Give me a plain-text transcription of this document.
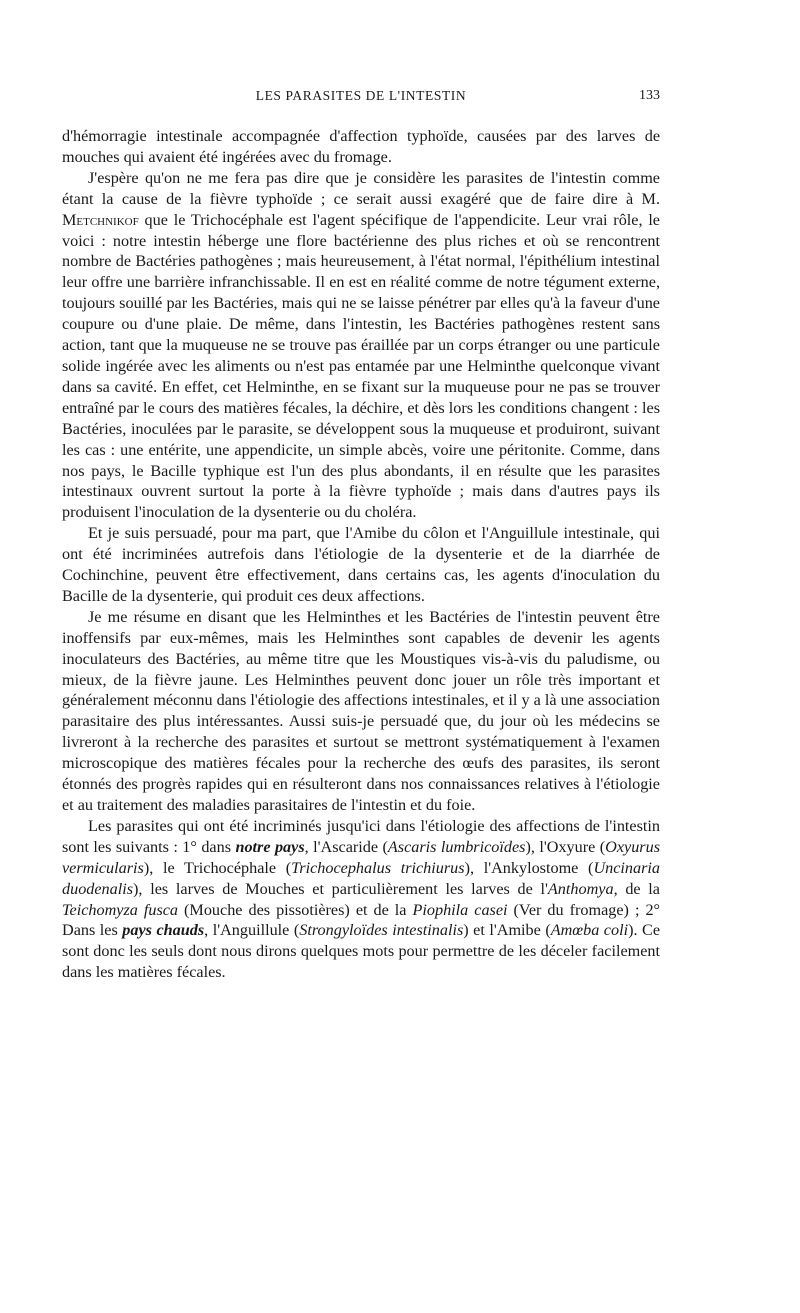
LES PARASITES DE L'INTESTIN	133

d'hémorragie intestinale accompagnée d'affection typhoïde, causées par des larves de mouches qui avaient été ingérées avec du fromage.

J'espère qu'on ne me fera pas dire que je considère les parasites de l'intestin comme étant la cause de la fièvre typhoïde ; ce serait aussi exagéré que de faire dire à M. Metchnikof que le Trichocéphale est l'agent spécifique de l'appendicite. Leur vrai rôle, le voici : notre intestin héberge une flore bactérienne des plus riches et où se rencontrent nombre de Bactéries pathogènes ; mais heureusement, à l'état normal, l'épithélium intestinal leur offre une barrière infranchissable. Il en est en réalité comme de notre tégument externe, toujours souillé par les Bactéries, mais qui ne se laisse pénétrer par elles qu'à la faveur d'une coupure ou d'une plaie. De même, dans l'intestin, les Bactéries pathogènes restent sans action, tant que la muqueuse ne se trouve pas éraillée par un corps étranger ou une particule solide ingérée avec les aliments ou n'est pas entamée par une Helminthe quelconque vivant dans sa cavité. En effet, cet Helminthe, en se fixant sur la muqueuse pour ne pas se trouver entraîné par le cours des matières fécales, la déchire, et dès lors les conditions changent : les Bactéries, inoculées par le parasite, se développent sous la muqueuse et produiront, suivant les cas : une entérite, une appendicite, un simple abcès, voire une péritonite. Comme, dans nos pays, le Bacille typhique est l'un des plus abondants, il en résulte que les parasites intestinaux ouvrent surtout la porte à la fièvre typhoïde ; mais dans d'autres pays ils produisent l'inoculation de la dysenterie ou du choléra.

Et je suis persuadé, pour ma part, que l'Amibe du côlon et l'Anguillule intestinale, qui ont été incriminées autrefois dans l'étiologie de la dysenterie et de la diarrhée de Cochinchine, peuvent être effectivement, dans certains cas, les agents d'inoculation du Bacille de la dysenterie, qui produit ces deux affections.

Je me résume en disant que les Helminthes et les Bactéries de l'intestin peuvent être inoffensifs par eux-mêmes, mais les Helminthes sont capables de devenir les agents inoculateurs des Bactéries, au même titre que les Moustiques vis-à-vis du paludisme, ou mieux, de la fièvre jaune. Les Helminthes peuvent donc jouer un rôle très important et généralement méconnu dans l'étiologie des affections intestinales, et il y a là une association parasitaire des plus intéressantes. Aussi suis-je persuadé que, du jour où les médecins se livreront à la recherche des parasites et surtout se mettront systématiquement à l'examen microscopique des matières fécales pour la recherche des œufs des parasites, ils seront étonnés des progrès rapides qui en résulteront dans nos connaissances relatives à l'étiologie et au traitement des maladies parasitaires de l'intestin et du foie.

Les parasites qui ont été incriminés jusqu'ici dans l'étiologie des affections de l'intestin sont les suivants : 1° dans notre pays, l'Ascaride (Ascaris lumbricoïdes), l'Oxyure (Oxyurus vermicularis), le Trichocéphale (Trichocephalus trichiurus), l'Ankylostome (Uncinaria duodenalis), les larves de Mouches et particulièrement les larves de l'Anthomya, de la Teichomyza fusca (Mouche des pissotières) et de la Piophila casei (Ver du fromage) ; 2° Dans les pays chauds, l'Anguillule (Strongyloïdes intestinalis) et l'Amibe (Amœba coli). Ce sont donc les seuls dont nous dirons quelques mots pour permettre de les déceler facilement dans les matières fécales.
